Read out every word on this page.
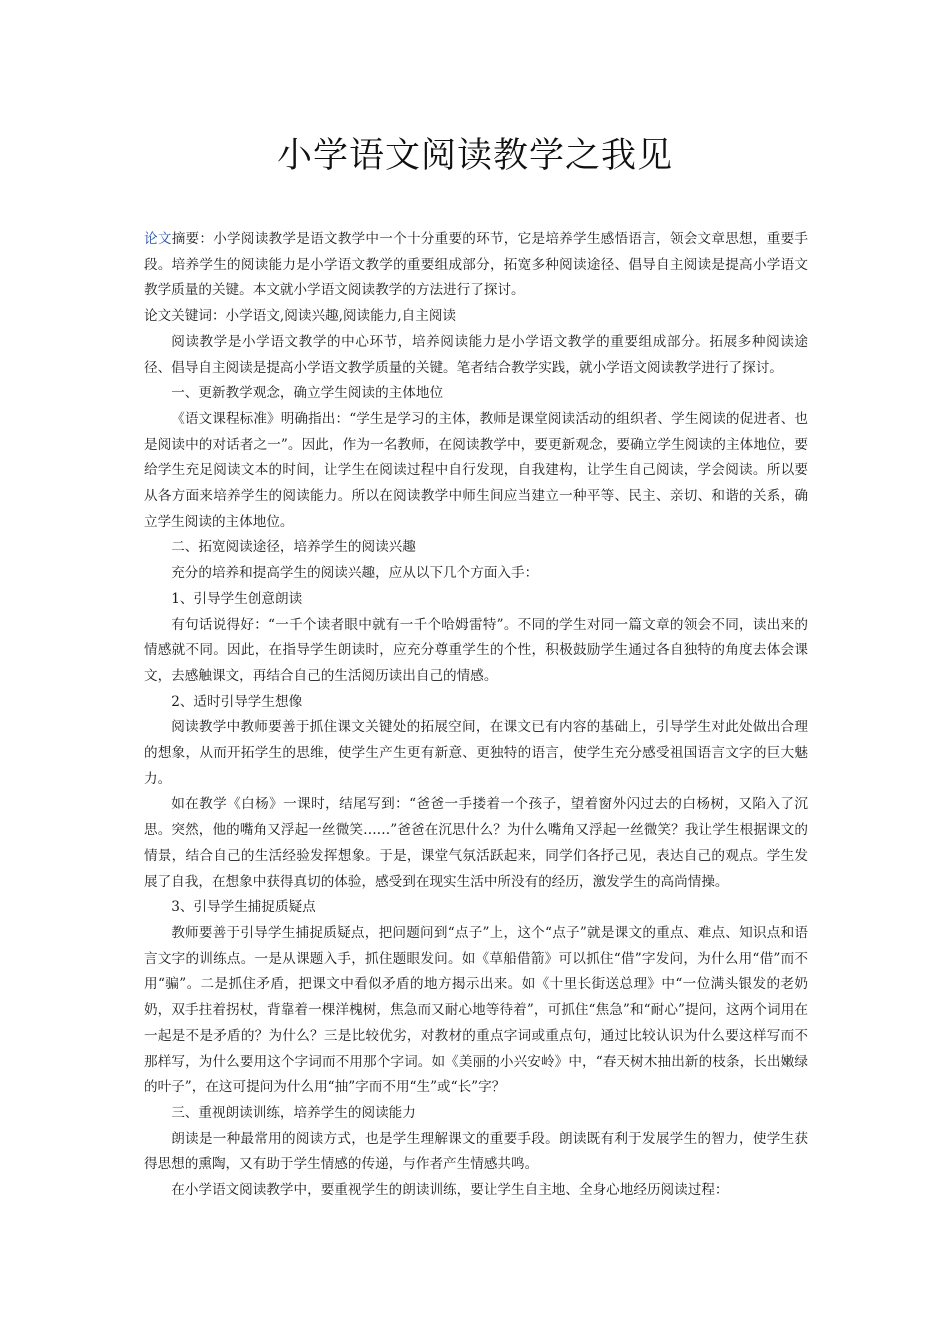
小学语文阅读教学之我见

论文摘要：小学阅读教学是语文教学中一个十分重要的环节，它是培养学生感悟语言，领会文章思想，重要手段。培养学生的阅读能力是小学语文教学的重要组成部分，拓宽多种阅读途径、倡导自主阅读是提高小学语文教学质量的关键。本文就小学语文阅读教学的方法进行了探讨。

论文关键词：小学语文,阅读兴趣,阅读能力,自主阅读

阅读教学是小学语文教学的中心环节，培养阅读能力是小学语文教学的重要组成部分。拓展多种阅读途径、倡导自主阅读是提高小学语文教学质量的关键。笔者结合教学实践，就小学语文阅读教学进行了探讨。

一、更新教学观念，确立学生阅读的主体地位

《语文课程标准》明确指出：“学生是学习的主体，教师是课堂阅读活动的组织者、学生阅读的促进者、也是阅读中的对话者之一”。因此，作为一名教师，在阅读教学中，要更新观念，要确立学生阅读的主体地位，要给学生充足阅读文本的时间，让学生在阅读过程中自行发现，自我建构，让学生自己阅读，学会阅读。所以要从各方面来培养学生的阅读能力。所以在阅读教学中师生间应当建立一种平等、民主、亲切、和谐的关系，确立学生阅读的主体地位。

二、拓宽阅读途径，培养学生的阅读兴趣

充分的培养和提高学生的阅读兴趣，应从以下几个方面入手：

1、引导学生创意朗读

有句话说得好：“一千个读者眼中就有一千个哈姆雷特”。不同的学生对同一篇文章的领会不同，读出来的情感就不同。因此，在指导学生朗读时，应充分尊重学生的个性，积极鼓励学生通过各自独特的角度去体会课文，去感触课文，再结合自己的生活阅历读出自己的情感。

2、适时引导学生想像

阅读教学中教师要善于抓住课文关键处的拓展空间，在课文已有内容的基础上，引导学生对此处做出合理的想象，从而开拓学生的思维，使学生产生更有新意、更独特的语言，使学生充分感受祖国语言文字的巨大魅力。

如在教学《白杨》一课时，结尾写到：“爸爸一手搂着一个孩子，望着窗外闪过去的白杨树，又陷入了沉思。突然，他的嘴角又浮起一丝微笑……”爸爸在沉思什么？为什么嘴角又浮起一丝微笑？我让学生根据课文的情景，结合自己的生活经验发挥想象。于是，课堂气氛活跃起来，同学们各抒己见，表达自己的观点。学生发展了自我，在想象中获得真切的体验，感受到在现实生活中所没有的经历，激发学生的高尚情操。

3、引导学生捕捉质疑点

教师要善于引导学生捕捉质疑点，把问题问到“点子”上，这个“点子”就是课文的重点、难点、知识点和语言文字的训练点。一是从课题入手，抓住题眼发问。如《草船借箭》可以抓住“借”字发问，为什么用“借”而不用“骗”。二是抓住矛盾，把课文中看似矛盾的地方揭示出来。如《十里长街送总理》中“一位满头银发的老奶奶，双手拄着拐杖，背靠着一棵洋槐树，焦急而又耐心地等待着”，可抓住“焦急”和“耐心”提问，这两个词用在一起是不是矛盾的？为什么？三是比较优劣，对教材的重点字词或重点句，通过比较认识为什么要这样写而不那样写，为什么要用这个字词而不用那个字词。如《美丽的小兴安岭》中，“春天树木抽出新的枝条，长出嫩绿的叶子”，在这可提问为什么用“抽”字而不用“生”或“长”字？

三、重视朗读训练，培养学生的阅读能力

朗读是一种最常用的阅读方式，也是学生理解课文的重要手段。朗读既有利于发展学生的智力，使学生获得思想的熏陶，又有助于学生情感的传递，与作者产生情感共鸣。

在小学语文阅读教学中，要重视学生的朗读训练，要让学生自主地、全身心地经历阅读过程：
